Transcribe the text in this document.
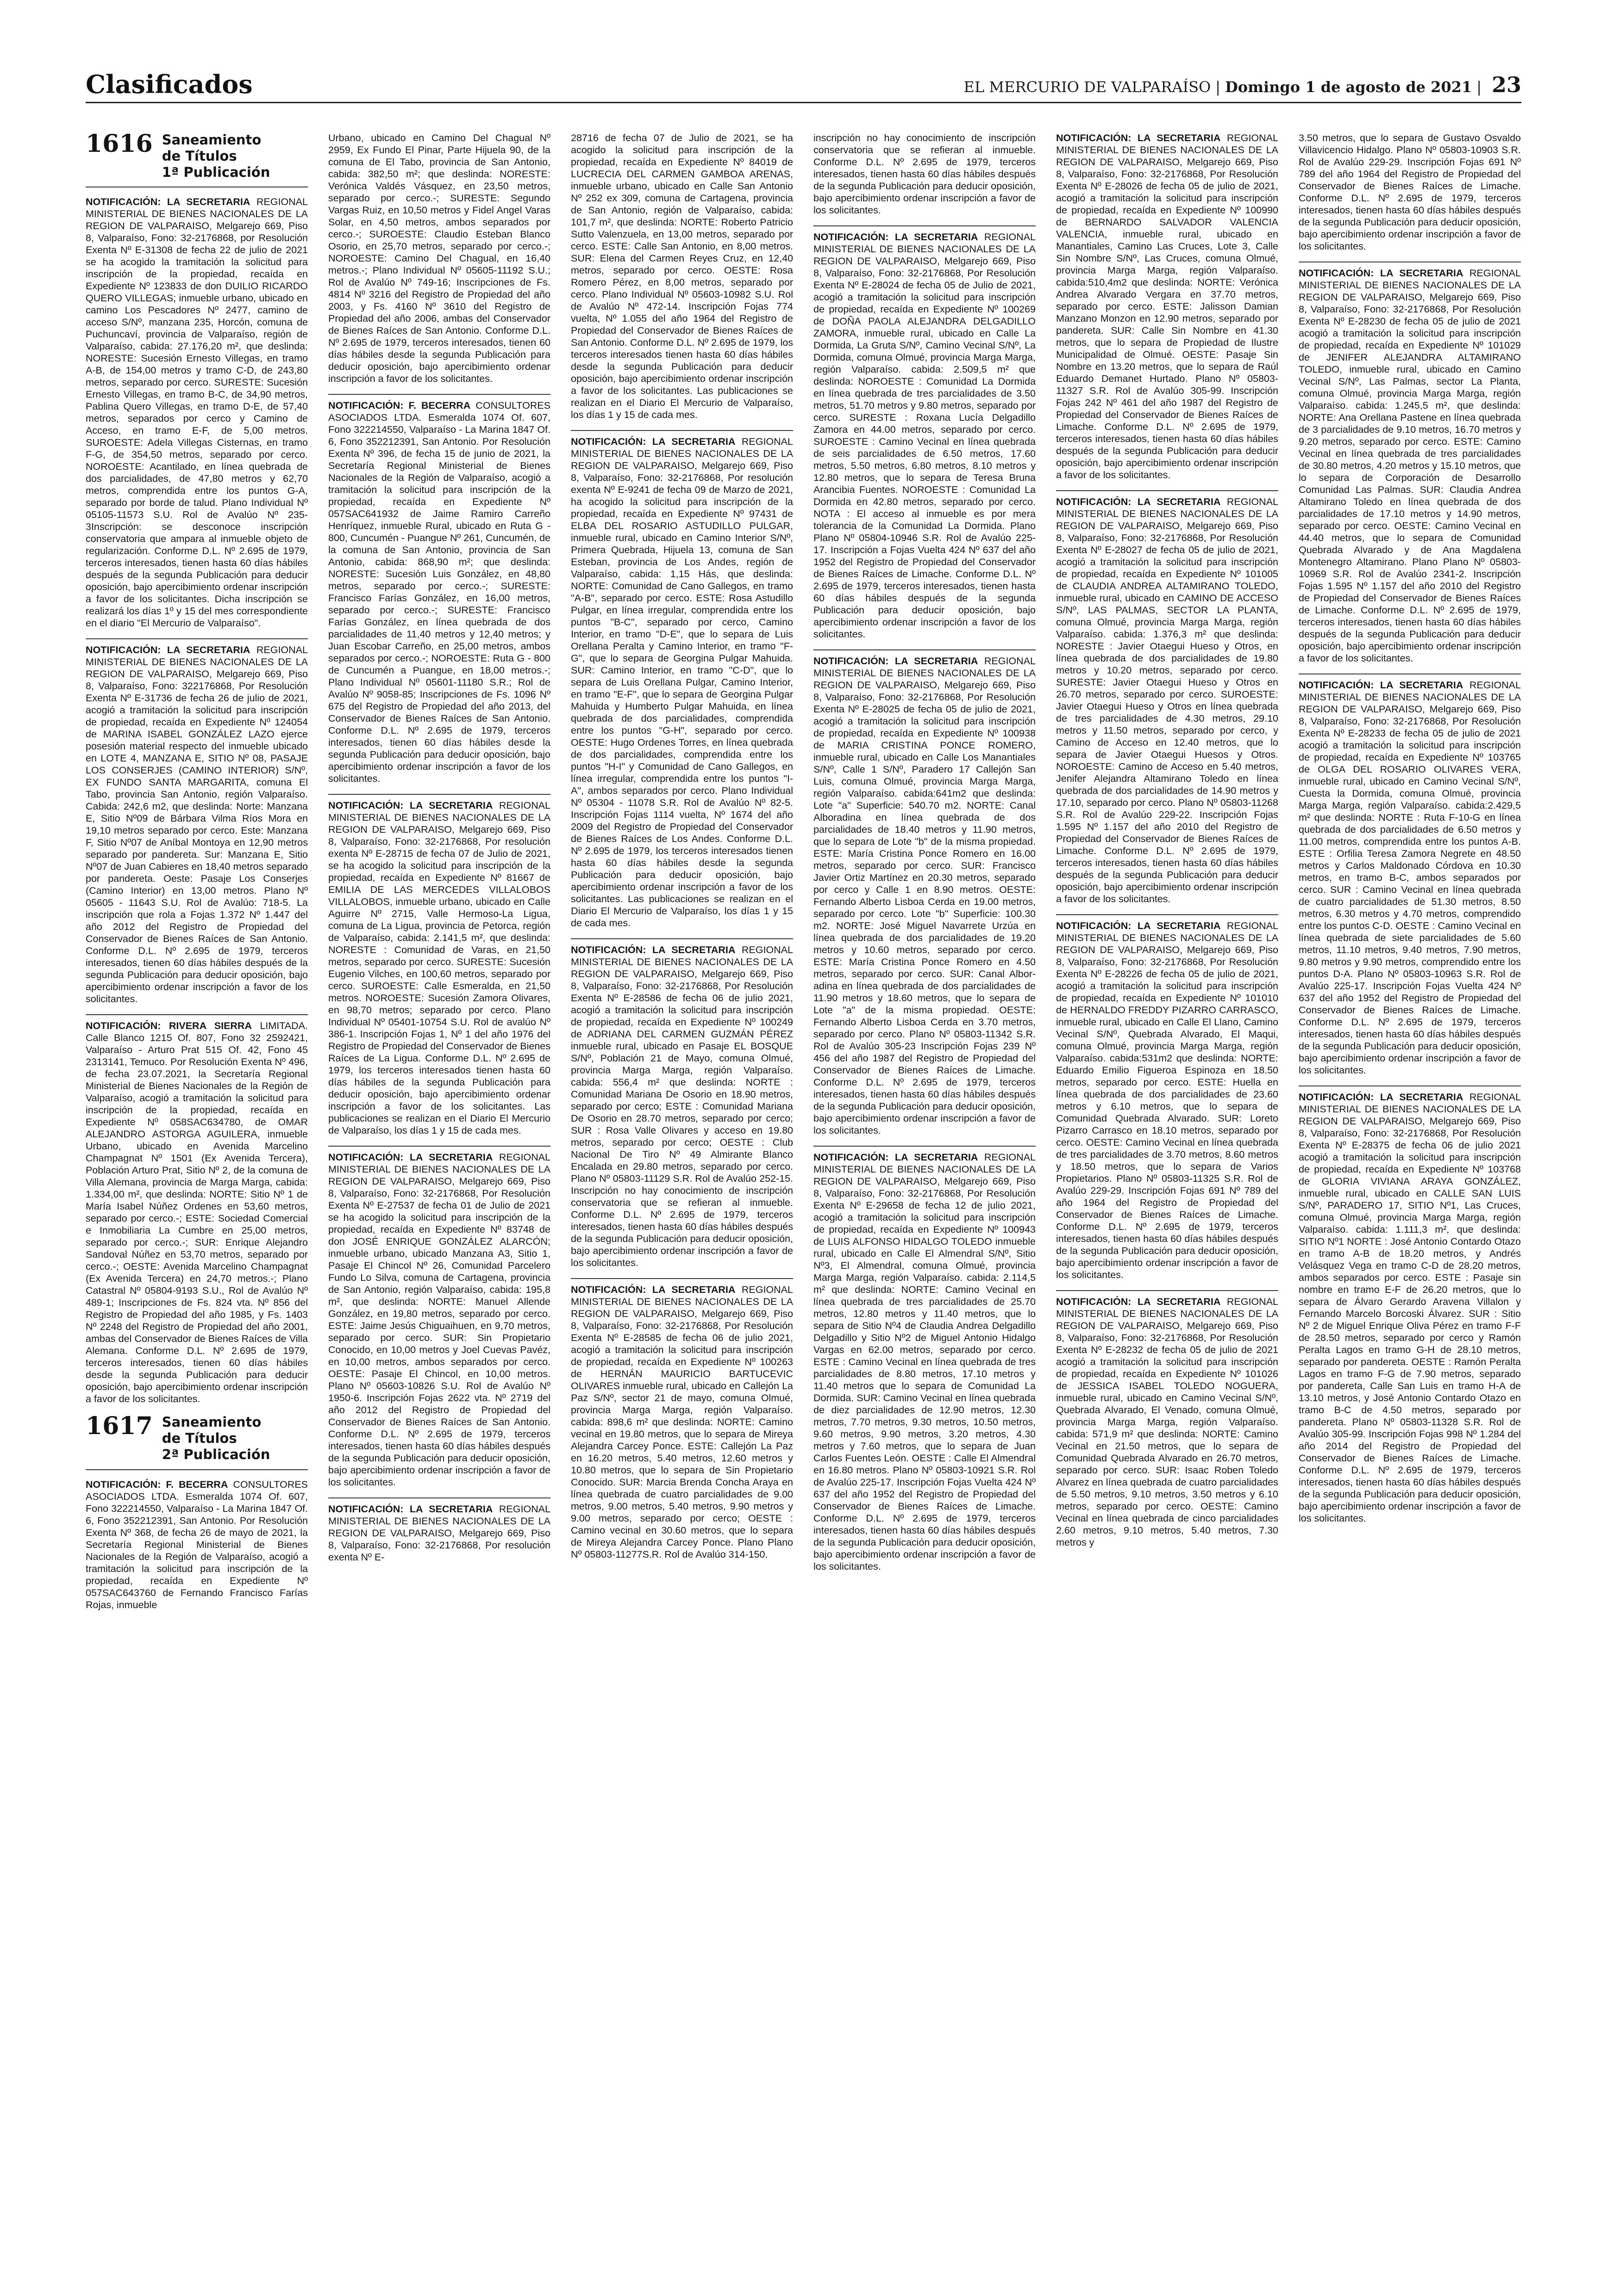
Clasificados	EL MERCURIO DE VALPARAÍSO | Domingo 1 de agosto de 2021 | 23
1616 Saneamiento
de Títulos
1ª Publicación
NOTIFICACIÓN: LA SECRETARIA REGIONAL MINISTERIAL DE BIENES NACIONALES DE LA REGION DE VALPARAISO, Melgarejo 669, Piso 8, Valparaíso, Fono: 32-2176868, por Resolución Exenta Nº E-31308 de fecha 22 de julio de 2021 se ha acogido la tramitación la solicitud para inscripción de la propiedad, recaída en Expediente Nº 123833 de don DUILIO RICARDO QUERO VILLEGAS; inmueble urbano, ubicado en camino Los Pescadores Nº 2477, camino de acceso S/Nº, manzana 235, Horcón, comuna de Puchuncaví, provincia de Valparaíso, región de Valparaíso, cabida: 27.176,20 m², que deslinda: NORESTE: Sucesión Ernesto Villegas, en tramo A-B, de 154,00 metros y tramo C-D, de 243,80 metros, separado por cerco. SURESTE: Sucesión Ernesto Villegas, en tramo B-C, de 34,90 metros, Pablina Quero Villegas, en tramo D-E, de 57,40 metros, separados por cerco y Camino de Acceso, en tramo E-F, de 5,00 metros. SUROESTE: Adela Villegas Cisternas, en tramo F-G, de 354,50 metros, separado por cerco. NOROESTE: Acantilado, en línea quebrada de dos parcialidades, de 47,80 metros y 62,70 metros, comprendida entre los puntos G-A, separado por borde de talud. Plano Individual Nº 05105-11573 S.U. Rol de Avalúo Nº 235-3Inscripción: se desconoce inscripción conservatoria que ampara al inmueble objeto de regularización. Conforme D.L. Nº 2.695 de 1979, terceros interesados, tienen hasta 60 días hábiles después de la segunda Publicación para deducir oposición, bajo apercibimiento ordenar inscripción a favor de los solicitantes. Dicha inscripción se realizará los días 1º y 15 del mes correspondiente en el diario "El Mercurio de Valparaíso".
NOTIFICACIÓN: LA SECRETARIA REGIONAL MINISTERIAL DE BIENES NACIONALES DE LA REGION DE VALPARAISO, Melgarejo 669, Piso 8, Valparaíso, Fono: 322176868, Por Resolución Exenta Nº E-31736 de fecha 26 de julio de 2021, acogió a tramitación la solicitud para inscripción de propiedad, recaída en Expediente Nº 124054 de MARINA ISABEL GONZÁLEZ LAZO ejerce posesión material respecto del inmueble ubicado en LOTE 4, MANZANA E, SITIO Nº 08, PASAJE LOS CONSERJES (CAMINO INTERIOR) S/Nº, EX FUNDO SANTA MARGARITA, comuna El Tabo, provincia San Antonio, región Valparaíso. Cabida: 242,6 m2, que deslinda: Norte: Manzana E, Sitio Nº09 de Bárbara Vilma Ríos Mora en 19,10 metros separado por cerco. Este: Manzana F, Sitio Nº07 de Aníbal Montoya en 12,90 metros separado por pandereta. Sur: Manzana E, Sitio Nº07 de Juan Cabieres en 18,40 metros separado por pandereta. Oeste: Pasaje Los Conserjes (Camino Interior) en 13,00 metros. Plano Nº 05605 - 11643 S.U. Rol de Avalúo: 718-5. La inscripción que rola a Fojas 1.372 Nº 1.447 del año 2012 del Registro de Propiedad del Conservador de Bienes Raíces de San Antonio. Conforme D.L. Nº 2.695 de 1979, terceros interesados, tienen 60 días hábiles después de la segunda Publicación para deducir oposición, bajo apercibimiento ordenar inscripción a favor de los solicitantes.
NOTIFICACIÓN: RIVERA SIERRA LIMITADA. Calle Blanco 1215 Of. 807, Fono 32 2592421, Valparaíso - Arturo Prat 515 Of. 42, Fono 45 2313141, Temuco. Por Resolución Exenta Nº 496, de fecha 23.07.2021, la Secretaría Regional Ministerial de Bienes Nacionales de la Región de Valparaíso, acogió a tramitación la solicitud para inscripción de la propiedad, recaída en Expediente Nº 058SAC634780, de OMAR ALEJANDRO ASTORGA AGUILERA, inmueble Urbano, ubicado en Avenida Marcelino Champagnat Nº 1501 (Ex Avenida Tercera), Población Arturo Prat, Sitio Nº 2, de la comuna de Villa Alemana, provincia de Marga Marga, cabida: 1.334,00 m², que deslinda: NORTE: Sitio Nº 1 de María Isabel Núñez Ordenes en 53,60 metros, separado por cerco.-; ESTE: Sociedad Comercial e Inmobiliaria La Cumbre en 25,00 metros, separado por cerco.-; SUR: Enrique Alejandro Sandoval Núñez en 53,70 metros, separado por cerco.-; OESTE: Avenida Marcelino Champagnat (Ex Avenida Tercera) en 24,70 metros.-; Plano Catastral Nº 05804-9193 S.U., Rol de Avalúo Nº 489-1; Inscripciones de Fs. 824 vta. Nº 856 del Registro de Propiedad del año 1985, y Fs. 1403 Nº 2248 del Registro de Propiedad del año 2001, ambas del Conservador de Bienes Raíces de Villa Alemana. Conforme D.L. Nº 2.695 de 1979, terceros interesados, tienen 60 días hábiles desde la segunda Publicación para deducir oposición, bajo apercibimiento ordenar inscripción a favor de los solicitantes.
1617 Saneamiento
de Títulos
2ª Publicación
NOTIFICACIÓN: F. BECERRA CONSULTORES ASOCIADOS LTDA. Esmeralda 1074 Of. 607, Fono 322214550, Valparaíso - La Marina 1847 Of. 6, Fono 352212391, San Antonio. Por Resolución Exenta Nº 368, de fecha 26 de mayo de 2021, la Secretaría Regional Ministerial de Bienes Nacionales de la Región de Valparaíso, acogió a tramitación la solicitud para inscripción de la propiedad, recaída en Expediente Nº 057SAC643760 de Fernando Francisco Farías Rojas, inmueble
Urbano, ubicado en Camino Del Chagual Nº 2959, Ex Fundo El Pinar, Parte Hijuela 90, de la comuna de El Tabo, provincia de San Antonio, cabida: 382,50 m²; que deslinda: NORESTE: Verónica Valdés Vásquez, en 23,50 metros, separado por cerco.-; SURESTE: Segundo Vargas Ruiz, en 10,50 metros y Fidel Angel Varas Solar, en 4,50 metros, ambos separados por cerco.-; SUROESTE: Claudio Esteban Blanco Osorio, en 25,70 metros, separado por cerco.-; NOROESTE: Camino Del Chagual, en 16,40 metros.-; Plano Individual Nº 05605-11192 S.U.; Rol de Avalúo Nº 749-16; Inscripciones de Fs. 4814 Nº 3216 del Registro de Propiedad del año 2003, y Fs. 4160 Nº 3610 del Registro de Propiedad del año 2006, ambas del Conservador de Bienes Raíces de San Antonio. Conforme D.L. Nº 2.695 de 1979, terceros interesados, tienen 60 días hábiles desde la segunda Publicación para deducir oposición, bajo apercibimiento ordenar inscripción a favor de los solicitantes.
NOTIFICACIÓN: F. BECERRA CONSULTORES ASOCIADOS LTDA. Esmeralda 1074 Of. 607, Fono 322214550, Valparaíso - La Marina 1847 Of. 6, Fono 352212391, San Antonio. Por Resolución Exenta Nº 396, de fecha 15 de junio de 2021, la Secretaría Regional Ministerial de Bienes Nacionales de la Región de Valparaíso, acogió a tramitación la solicitud para inscripción de la propiedad, recaída en Expediente Nº 057SAC641932 de Jaime Ramiro Carreño Henríquez, inmueble Rural, ubicado en Ruta G - 800, Cuncumén - Puangue Nº 261, Cuncumén, de la comuna de San Antonio, provincia de San Antonio, cabida: 868,90 m²; que deslinda: NORESTE: Sucesión Luis González, en 48,80 metros, separado por cerco.-; SURESTE: Francisco Farías González, en 16,00 metros, separado por cerco.-; SURESTE: Francisco Farías González, en línea quebrada de dos parcialidades de 11,40 metros y 12,40 metros; y Juan Escobar Carreño, en 25,00 metros, ambos separados por cerco.-; NOROESTE: Ruta G - 800 de Cuncumén a Puangue, en 18,00 metros.-; Plano Individual Nº 05601-11180 S.R.; Rol de Avalúo Nº 9058-85; Inscripciones de Fs. 1096 Nº 675 del Registro de Propiedad del año 2013, del Conservador de Bienes Raíces de San Antonio. Conforme D.L. Nº 2.695 de 1979, terceros interesados, tienen 60 días hábiles desde la segunda Publicación para deducir oposición, bajo apercibimiento ordenar inscripción a favor de los solicitantes.
NOTIFICACIÓN: LA SECRETARIA REGIONAL MINISTERIAL DE BIENES NACIONALES DE LA REGION DE VALPARAISO, Melgarejo 669, Piso 8, Valparaíso, Fono: 32-2176868, Por resolución exenta Nº E-28715 de fecha 07 de Julio de 2021, se ha acogido la solicitud para inscripción de la propiedad, recaída en Expediente Nº 81667 de EMILIA DE LAS MERCEDES VILLALOBOS VILLALOBOS, inmueble urbano, ubicado en Calle Aguirre Nº 2715, Valle Hermoso-La Ligua, comuna de La Ligua, provincia de Petorca, región de Valparaíso, cabida: 2.141,5 m², que deslinda: NORESTE : Comunidad de Varas, en 21,50 metros, separado por cerco. SURESTE: Sucesión Eugenio Vilches, en 100,60 metros, separado por cerco. SUROESTE: Calle Esmeralda, en 21,50 metros. NOROESTE: Sucesión Zamora Olivares, en 98,70 metros; separado por cerco. Plano Individual Nº 05401-10754 S.U. Rol de avalúo Nº 386-1. Inscripción Fojas 1, Nº 1 del año 1976 del Registro de Propiedad del Conservador de Bienes Raíces de La Ligua. Conforme D.L. Nº 2.695 de 1979, los terceros interesados tienen hasta 60 días hábiles de la segunda Publicación para deducir oposición, bajo apercibimiento ordenar inscripción a favor de los solicitantes. Las publicaciones se realizan en el Diario El Mercurio de Valparaíso, los días 1 y 15 de cada mes.
NOTIFICACIÓN: LA SECRETARIA REGIONAL MINISTERIAL DE BIENES NACIONALES DE LA REGION DE VALPARAISO, Melgarejo 669, Piso 8, Valparaíso, Fono: 32-2176868, Por Resolución Exenta Nº E-27537 de fecha 01 de Julio de 2021 se ha acogido la solicitud para inscripción de la propiedad, recaída en Expediente Nº 83748 de don JOSÉ ENRIQUE GONZÁLEZ ALARCÓN; inmueble urbano, ubicado Manzana A3, Sitio 1, Pasaje El Chincol Nº 26, Comunidad Parcelero Fundo Lo Silva, comuna de Cartagena, provincia de San Antonio, región Valparaíso, cabida: 195,8 m², que deslinda: NORTE: Manuel Allende González, en 19,80 metros, separado por cerco. ESTE: Jaime Jesús Chiguaihuen, en 9,70 metros, separado por cerco. SUR: Sin Propietario Conocido, en 10,00 metros y Joel Cuevas Pavéz, en 10,00 metros, ambos separados por cerco. OESTE: Pasaje El Chincol, en 10,00 metros. Plano Nº 05603-10826 S.U. Rol de Avalúo Nº 1950-6. Inscripción Fojas 2622 vta. Nº 2719 del año 2012 del Registro de Propiedad del Conservador de Bienes Raíces de San Antonio. Conforme D.L. Nº 2.695 de 1979, terceros interesados, tienen hasta 60 días hábiles después de la segunda Publicación para deducir oposición, bajo apercibimiento ordenar inscripción a favor de los solicitantes.
NOTIFICACIÓN: LA SECRETARIA REGIONAL MINISTERIAL DE BIENES NACIONALES DE LA REGION DE VALPARAISO, Melgarejo 669, Piso 8, Valparaíso, Fono: 32-2176868, Por resolución exenta Nº E-
28716 de fecha 07 de Julio de 2021, se ha acogido la solicitud para inscripción de la propiedad, recaída en Expediente Nº 84019 de LUCRECIA DEL CARMEN GAMBOA ARENAS, inmueble urbano, ubicado en Calle San Antonio Nº 252 ex 309, comuna de Cartagena, provincia de San Antonio, región de Valparaíso, cabida: 101,7 m², que deslinda: NORTE: Roberto Patricio Sutto Valenzuela, en 13,00 metros, separado por cerco. ESTE: Calle San Antonio, en 8,00 metros. SUR: Elena del Carmen Reyes Cruz, en 12,40 metros, separado por cerco. OESTE: Rosa Romero Pérez, en 8,00 metros, separado por cerco. Plano Individual Nº 05603-10982 S.U. Rol de Avalúo Nº 472-14. Inscripción Fojas 774 vuelta, Nº 1.055 del año 1964 del Registro de Propiedad del Conservador de Bienes Raíces de San Antonio. Conforme D.L. Nº 2.695 de 1979, los terceros interesados tienen hasta 60 días hábiles desde la segunda Publicación para deducir oposición, bajo apercibimiento ordenar inscripción a favor de los solicitantes. Las publicaciones se realizan en el Diario El Mercurio de Valparaíso, los días 1 y 15 de cada mes.
NOTIFICACIÓN: LA SECRETARIA REGIONAL MINISTERIAL DE BIENES NACIONALES DE LA REGION DE VALPARAISO, Melgarejo 669, Piso 8, Valparaíso, Fono: 32-2176868, Por resolución exenta Nº E-9241 de fecha 09 de Marzo de 2021, ha acogido la solicitud para inscripción de la propiedad, recaída en Expediente Nº 97431 de ELBA DEL ROSARIO ASTUDILLO PULGAR, inmueble rural, ubicado en Camino Interior S/Nº, Primera Quebrada, Hijuela 13, comuna de San Esteban, provincia de Los Andes, región de Valparaíso, cabida: 1,15 Hás, que deslinda: NORTE: Comunidad de Cano Gallegos, en tramo "A-B", separado por cerco. ESTE: Rosa Astudillo Pulgar, en línea irregular, comprendida entre los puntos "B-C", separado por cerco, Camino Interior, en tramo "D-E", que lo separa de Luis Orellana Peralta y Camino Interior, en tramo "F-G", que lo separa de Georgina Pulgar Mahuida. SUR: Camino Interior, en tramo "C-D", que lo separa de Luis Orellana Pulgar, Camino Interior, en tramo "E-F", que lo separa de Georgina Pulgar Mahuida y Humberto Pulgar Mahuida, en línea quebrada de dos parcialidades, comprendida entre los puntos "G-H", separado por cerco. OESTE: Hugo Ordenes Torres, en línea quebrada de dos parcialidades, comprendida entre los puntos "H-I" y Comunidad de Cano Gallegos, en línea irregular, comprendida entre los puntos "I-A", ambos separados por cerco. Plano Individual Nº 05304 - 11078 S.R. Rol de Avalúo Nº 82-5. Inscripción Fojas 1114 vuelta, Nº 1674 del año 2009 del Registro de Propiedad del Conservador de Bienes Raíces de Los Andes. Conforme D.L. Nº 2.695 de 1979, los terceros interesados tienen hasta 60 días hábiles desde la segunda Publicación para deducir oposición, bajo apercibimiento ordenar inscripción a favor de los solicitantes. Las publicaciones se realizan en el Diario El Mercurio de Valparaíso, los días 1 y 15 de cada mes.
NOTIFICACIÓN: LA SECRETARIA REGIONAL MINISTERIAL DE BIENES NACIONALES DE LA REGION DE VALPARAISO, Melgarejo 669, Piso 8, Valparaíso, Fono: 32-2176868, Por Resolución Exenta Nº E-28586 de fecha 06 de julio 2021, acogió a tramitación la solicitud para inscripción de propiedad, recaída en Expediente Nº 100249 de ADRIANA DEL CARMEN GUZMÁN PÉREZ inmueble rural, ubicado en Pasaje EL BOSQUE S/Nº, Población 21 de Mayo, comuna Olmué, provincia Marga Marga, región Valparaíso. cabida: 556,4 m² que deslinda: NORTE : Comunidad Mariana De Osorio en 18.90 metros, separado por cerco; ESTE : Comunidad Mariana De Osorio en 28.70 metros, separado por cerco; SUR : Rosa Valle Olivares y acceso en 19.80 metros, separado por cerco; OESTE : Club Nacional De Tiro Nº 49 Almirante Blanco Encalada en 29.80 metros, separado por cerco. Plano Nº 05803-11129 S.R. Rol de Avalúo 252-15. Inscripción no hay conocimiento de inscripción conservatoria que se refieran al inmueble. Conforme D.L. Nº 2.695 de 1979, terceros interesados, tienen hasta 60 días hábiles después de la segunda Publicación para deducir oposición, bajo apercibimiento ordenar inscripción a favor de los solicitantes.
NOTIFICACIÓN: LA SECRETARIA REGIONAL MINISTERIAL DE BIENES NACIONALES DE LA REGION DE VALPARAISO, Melgarejo 669, Piso 8, Valparaíso, Fono: 32-2176868, Por Resolución Exenta Nº E-28585 de fecha 06 de julio 2021, acogió a tramitación la solicitud para inscripción de propiedad, recaída en Expediente Nº 100263 de HERNÁN MAURICIO BARTUCEVIC OLIVARES inmueble rural, ubicado en Callejón La Paz S/Nº, sector 21 de mayo, comuna Olmué, provincia Marga Marga, región Valparaíso. cabida: 898,6 m² que deslinda: NORTE: Camino vecinal en 19.80 metros, que lo separa de Mireya Alejandra Carcey Ponce. ESTE: Callejón La Paz en 16.20 metros, 5.40 metros, 12.60 metros y 10.80 metros, que lo separa de Sin Propietario Conocido. SUR: Marcia Brenda Concha Araya en línea quebrada de cuatro parcialidades de 9.00 metros, 9.00 metros, 5.40 metros, 9.90 metros y 9.00 metros, separado por cerco; OESTE : Camino vecinal en 30.60 metros, que lo separa de Mireya Alejandra Carcey Ponce. Plano Plano Nº 05803-11277S.R. Rol de Avalúo 314-150.
inscripción no hay conocimiento de inscripción conservatoria que se refieran al inmueble. Conforme D.L. Nº 2.695 de 1979, terceros interesados, tienen hasta 60 días hábiles después de la segunda Publicación para deducir oposición, bajo apercibimiento ordenar inscripción a favor de los solicitantes.
NOTIFICACIÓN: LA SECRETARIA REGIONAL MINISTERIAL DE BIENES NACIONALES DE LA REGION DE VALPARAISO, Melgarejo 669, Piso 8, Valparaíso, Fono: 32-2176868, Por Resolución Exenta Nº E-28024 de fecha 05 de Julio de 2021, acogió a tramitación la solicitud para inscripción de propiedad, recaída en Expediente Nº 100269 de DOÑA PAOLA ALEJANDRA DELGADILLO ZAMORA, inmueble rural, ubicado en Calle La Dormida, La Gruta S/Nº, Camino Vecinal S/Nº, La Dormida, comuna Olmué, provincia Marga Marga, región Valparaíso. cabida: 2.509,5 m² que deslinda: NOROESTE : Comunidad La Dormida en línea quebrada de tres parcialidades de 3.50 metros, 51.70 metros y 9.80 metros, separado por cerco. SURESTE : Roxana Lucía Delgadillo Zamora en 44.00 metros, separado por cerco. SUROESTE : Camino Vecinal en línea quebrada de seis parcialidades de 6.50 metros, 17.60 metros, 5.50 metros, 6.80 metros, 8.10 metros y 12.80 metros, que lo separa de Teresa Bruna Arancibia Fuentes. NOROESTE : Comunidad La Dormida en 42.80 metros, separado por cerco. NOTA : El acceso al inmueble es por mera tolerancia de la Comunidad La Dormida. Plano Plano Nº 05804-10946 S.R. Rol de Avalúo 225-17. Inscripción a Fojas Vuelta 424 Nº 637 del año 1952 del Registro de Propiedad del Conservador de Bienes Raíces de Limache. Conforme D.L. Nº 2.695 de 1979, terceros interesados, tienen hasta 60 días hábiles después de la segunda Publicación para deducir oposición, bajo apercibimiento ordenar inscripción a favor de los solicitantes.
NOTIFICACIÓN: LA SECRETARIA REGIONAL MINISTERIAL DE BIENES NACIONALES DE LA REGION DE VALPARAISO, Melgarejo 669, Piso 8, Valparaíso, Fono: 32-2176868, Por Resolución Exenta Nº E-28025 de fecha 05 de julio de 2021, acogió a tramitación la solicitud para inscripción de propiedad, recaída en Expediente Nº 100938 de MARIA CRISTINA PONCE ROMERO, inmueble rural, ubicado en Calle Los Manantiales S/Nº, Calle 1 S/Nº, Paradero 17 Callejón San Luis, comuna Olmué, provincia Marga Marga, región Valparaíso. cabida:641m2 que deslinda: Lote "a" Superficie: 540.70 m2. NORTE: Canal Alboradina en línea quebrada de dos parcialidades de 18.40 metros y 11.90 metros, que lo separa de Lote "b" de la misma propiedad. ESTE: María Cristina Ponce Romero en 16.00 metros, separado por cerco. SUR: Francisco Javier Ortiz Martínez en 20.30 metros, separado por cerco y Calle 1 en 8.90 metros. OESTE: Fernando Alberto Lisboa Cerda en 19.00 metros, separado por cerco. Lote "b" Superficie: 100.30 m2. NORTE: José Miguel Navarrete Urzúa en línea quebrada de dos parcialidades de 19.20 metros y 10.60 metros, separado por cerco. ESTE: María Cristina Ponce Romero en 4.50 metros, separado por cerco. SUR: Canal Alboradina en línea quebrada de dos parcialidades de 11.90 metros y 18.60 metros, que lo separa de Lote "a" de la misma propiedad. OESTE: Fernando Alberto Lisboa Cerda en 3.70 metros, separado por cerco. Plano Nº 05803-11342 S.R. Rol de Avalúo 305-23 Inscripción Fojas 239 Nº 456 del año 1987 del Registro de Propiedad del Conservador de Bienes Raíces de Limache. Conforme D.L. Nº 2.695 de 1979, terceros interesados, tienen hasta 60 días hábiles después de la segunda Publicación para deducir oposición, bajo apercibimiento ordenar inscripción a favor de los solicitantes.
NOTIFICACIÓN: LA SECRETARIA REGIONAL MINISTERIAL DE BIENES NACIONALES DE LA REGION DE VALPARAISO, Melgarejo 669, Piso 8, Valparaíso, Fono: 32-2176868, Por Resolución Exenta Nº E-29658 de fecha 12 de julio 2021, acogió a tramitación la solicitud para inscripción de propiedad, recaída en Expediente Nº 100943 de LUIS ALFONSO HIDALGO TOLEDO inmueble rural, ubicado en Calle El Almendral S/Nº, Sitio Nº3, El Almendral, comuna Olmué, provincia Marga Marga, región Valparaíso. cabida: 2.114,5 m² que deslinda: NORTE: Camino Vecinal en línea quebrada de tres parcialidades de 25.70 metros, 12.80 metros y 11.40 metros, que lo separa de Sitio Nº4 de Claudia Andrea Delgadillo Delgadillo y Sitio Nº2 de Miguel Antonio Hidalgo Vargas en 62.00 metros, separado por cerco. ESTE : Camino Vecinal en línea quebrada de tres parcialidades de 8.80 metros, 17.10 metros y 11.40 metros que lo separa de Comunidad La Dormida. SUR: Camino Vecinal en línea quebrada de diez parcialidades de 12.90 metros, 12.30 metros, 7.70 metros, 9.30 metros, 10.50 metros, 9.60 metros, 9.90 metros, 3.20 metros, 4.30 metros y 7.60 metros, que lo separa de Juan Carlos Fuentes León. OESTE : Calle El Almendral en 16.80 metros. Plano Nº 05803-10921 S.R. Rol de Avalúo 225-17. Inscripción Fojas Vuelta 424 Nº 637 del año 1952 del Registro de Propiedad del Conservador de Bienes Raíces de Limache. Conforme D.L. Nº 2.695 de 1979, terceros interesados, tienen hasta 60 días hábiles después de la segunda Publicación para deducir oposición, bajo apercibimiento ordenar inscripción a favor de los solicitantes.
NOTIFICACIÓN: LA SECRETARIA REGIONAL MINISTERIAL DE BIENES NACIONALES DE LA REGION DE VALPARAISO, Melgarejo 669, Piso 8, Valparaíso, Fono: 32-2176868, Por Resolución Exenta Nº E-28026 de fecha 05 de julio de 2021, acogió a tramitación la solicitud para inscripción de propiedad, recaída en Expediente Nº 100990 de BERNARDO SALVADOR VALENCIA VALENCIA, inmueble rural, ubicado en Manantiales, Camino Las Cruces, Lote 3, Calle Sin Nombre S/Nº, Las Cruces, comuna Olmué, provincia Marga Marga, región Valparaíso. cabida:510,4m2 que deslinda: NORTE: Verónica Andrea Alvarado Vergara en 37.70 metros, separado por cerco. ESTE: Jalisson Damian Manzano Monzon en 12.90 metros, separado por pandereta. SUR: Calle Sin Nombre en 41.30 metros, que lo separa de Propiedad de Ilustre Municipalidad de Olmué. OESTE: Pasaje Sin Nombre en 13.20 metros, que lo separa de Raúl Eduardo Demanet Hurtado. Plano Nº 05803-11327 S.R. Rol de Avalúo 305-99. Inscripción Fojas 242 Nº 461 del año 1987 del Registro de Propiedad del Conservador de Bienes Raíces de Limache. Conforme D.L. Nº 2.695 de 1979, terceros interesados, tienen hasta 60 días hábiles después de la segunda Publicación para deducir oposición, bajo apercibimiento ordenar inscripción a favor de los solicitantes.
NOTIFICACIÓN: LA SECRETARIA REGIONAL MINISTERIAL DE BIENES NACIONALES DE LA REGION DE VALPARAISO, Melgarejo 669, Piso 8, Valparaíso, Fono: 32-2176868, Por Resolución Exenta Nº E-28027 de fecha 05 de julio de 2021, acogió a tramitación la solicitud para inscripción de propiedad, recaída en Expediente Nº 101005 de CLAUDIA ANDREA ALTAMIRANO TOLEDO, inmueble rural, ubicado en CAMINO DE ACCESO S/Nº, LAS PALMAS, SECTOR LA PLANTA, comuna Olmué, provincia Marga Marga, región Valparaíso. cabida: 1.376,3 m² que deslinda: NORESTE : Javier Otaegui Hueso y Otros, en línea quebrada de dos parcialidades de 19.80 metros y 10.20 metros, separado por cerco. SURESTE: Javier Otaegui Hueso y Otros en 26.70 metros, separado por cerco. SUROESTE: Javier Otaegui Hueso y Otros en línea quebrada de tres parcialidades de 4.30 metros, 29.10 metros y 11.50 metros, separado por cerco, y Camino de Acceso en 12.40 metros, que lo separa de Javier Otaegui Huesos y Otros. NOROESTE: Camino de Acceso en 5.40 metros, Jenifer Alejandra Altamirano Toledo en línea quebrada de dos parcialidades de 14.90 metros y 17.10, separado por cerco. Plano Nº 05803-11268 S.R. Rol de Avalúo 229-22. Inscripción Fojas 1.595 Nº 1.157 del año 2010 del Registro de Propiedad del Conservador de Bienes Raíces de Limache. Conforme D.L. Nº 2.695 de 1979, terceros interesados, tienen hasta 60 días hábiles después de la segunda Publicación para deducir oposición, bajo apercibimiento ordenar inscripción a favor de los solicitantes.
NOTIFICACIÓN: LA SECRETARIA REGIONAL MINISTERIAL DE BIENES NACIONALES DE LA REGION DE VALPARAISO, Melgarejo 669, Piso 8, Valparaíso, Fono: 32-2176868, Por Resolución Exenta Nº E-28226 de fecha 05 de julio de 2021, acogió a tramitación la solicitud para inscripción de propiedad, recaída en Expediente Nº 101010 de HERNALDO FREDDY PIZARRO CARRASCO, inmueble rural, ubicado en Calle El Llano, Camino Vecinal S/Nº, Quebrada Alvarado, El Maqui, comuna Olmué, provincia Marga Marga, región Valparaíso. cabida:531m2 que deslinda: NORTE: Eduardo Emilio Figueroa Espinoza en 18.50 metros, separado por cerco. ESTE: Huella en línea quebrada de dos parcialidades de 23.60 metros y 6.10 metros, que lo separa de Comunidad Quebrada Alvarado. SUR: Loreto Pizarro Carrasco en 18.10 metros, separado por cerco. OESTE: Camino Vecinal en línea quebrada de tres parcialidades de 3.70 metros, 8.60 metros y 18.50 metros, que lo separa de Varios Propietarios. Plano Nº 05803-11325 S.R. Rol de Avalúo 229-29. Inscripción Fojas 691 Nº 789 del año 1964 del Registro de Propiedad del Conservador de Bienes Raíces de Limache. Conforme D.L. Nº 2.695 de 1979, terceros interesados, tienen hasta 60 días hábiles después de la segunda Publicación para deducir oposición, bajo apercibimiento ordenar inscripción a favor de los solicitantes.
NOTIFICACIÓN: LA SECRETARIA REGIONAL MINISTERIAL DE BIENES NACIONALES DE LA REGION DE VALPARAISO, Melgarejo 669, Piso 8, Valparaíso, Fono: 32-2176868, Por Resolución Exenta Nº E-28232 de fecha 05 de julio de 2021 acogió a tramitación la solicitud para inscripción de propiedad, recaída en Expediente Nº 101026 de JESSICA ISABEL TOLEDO NOGUERA, inmueble rural, ubicado en Camino Vecinal S/Nº, Quebrada Alvarado, El Venado, comuna Olmué, provincia Marga Marga, región Valparaíso. cabida: 571,9 m² que deslinda: NORTE: Camino Vecinal en 21.50 metros, que lo separa de Comunidad Quebrada Alvarado en 26.70 metros, separado por cerco. SUR: Isaac Roben Toledo Alvarez en línea quebrada de cuatro parcialidades de 5.50 metros, 9.10 metros, 3.50 metros y 6.10 metros, separado por cerco. OESTE: Camino Vecinal en línea quebrada de cinco parcialidades 2.60 metros, 9.10 metros, 5.40 metros, 7.30 metros y
3.50 metros, que lo separa de Gustavo Osvaldo Villavicencio Hidalgo. Plano Nº 05803-10903 S.R. Rol de Avalúo 229-29. Inscripción Fojas 691 Nº 789 del año 1964 del Registro de Propiedad del Conservador de Bienes Raíces de Limache. Conforme D.L. Nº 2.695 de 1979, terceros interesados, tienen hasta 60 días hábiles después de la segunda Publicación para deducir oposición, bajo apercibimiento ordenar inscripción a favor de los solicitantes.
NOTIFICACIÓN: LA SECRETARIA REGIONAL MINISTERIAL DE BIENES NACIONALES DE LA REGION DE VALPARAISO, Melgarejo 669, Piso 8, Valparaíso, Fono: 32-2176868, Por Resolución Exenta Nº E-28230 de fecha 05 de julio de 2021 acogió a tramitación la solicitud para inscripción de propiedad, recaída en Expediente Nº 101029 de JENIFER ALEJANDRA ALTAMIRANO TOLEDO, inmueble rural, ubicado en Camino Vecinal S/Nº, Las Palmas, sector La Planta, comuna Olmué, provincia Marga Marga, región Valparaíso. cabida: 1.245,5 m², que deslinda: NORTE: Ana Orellana Pastene en línea quebrada de 3 parcialidades de 9.10 metros, 16.70 metros y 9.20 metros, separado por cerco. ESTE: Camino Vecinal en línea quebrada de tres parcialidades de 30.80 metros, 4.20 metros y 15.10 metros, que lo separa de Corporación de Desarrollo Comunidad Las Palmas. SUR: Claudia Andrea Altamirano Toledo en línea quebrada de dos parcialidades de 17.10 metros y 14.90 metros, separado por cerco. OESTE: Camino Vecinal en 44.40 metros, que lo separa de Comunidad Quebrada Alvarado y de Ana Magdalena Montenegro Altamirano. Plano Plano Nº 05803-10969 S.R. Rol de Avalúo 2341-2. Inscripción Fojas 1.595 Nº 1.157 del año 2010 del Registro de Propiedad del Conservador de Bienes Raíces de Limache. Conforme D.L. Nº 2.695 de 1979, terceros interesados, tienen hasta 60 días hábiles después de la segunda Publicación para deducir oposición, bajo apercibimiento ordenar inscripción a favor de los solicitantes.
NOTIFICACIÓN: LA SECRETARIA REGIONAL MINISTERIAL DE BIENES NACIONALES DE LA REGION DE VALPARAISO, Melgarejo 669, Piso 8, Valparaíso, Fono: 32-2176868, Por Resolución Exenta Nº E-28233 de fecha 05 de julio de 2021 acogió a tramitación la solicitud para inscripción de propiedad, recaída en Expediente Nº 103765 de OLGA DEL ROSARIO OLIVARES VERA, inmueble rural, ubicado en Camino Vecinal S/Nº, Cuesta la Dormida, comuna Olmué, provincia Marga Marga, región Valparaíso. cabida:2.429,5 m² que deslinda: NORTE : Ruta F-10-G en línea quebrada de dos parcialidades de 6.50 metros y 11.00 metros, comprendida entre los puntos A-B. ESTE : Orfilia Teresa Zamora Negrete en 48.50 metros y Carlos Maldonado Córdova en 10.30 metros, en tramo B-C, ambos separados por cerco. SUR : Camino Vecinal en línea quebrada de cuatro parcialidades de 51.30 metros, 8.50 metros, 6.30 metros y 4.70 metros, comprendido entre los puntos C-D. OESTE : Camino Vecinal en línea quebrada de siete parcialidades de 5.60 metros, 11.10 metros, 9.40 metros, 7.90 metros, 9.80 metros y 9.90 metros, comprendido entre los puntos D-A. Plano Nº 05803-10963 S.R. Rol de Avalúo 225-17. Inscripción Fojas Vuelta 424 Nº 637 del año 1952 del Registro de Propiedad del Conservador de Bienes Raíces de Limache. Conforme D.L. Nº 2.695 de 1979, terceros interesados, tienen hasta 60 días hábiles después de la segunda Publicación para deducir oposición, bajo apercibimiento ordenar inscripción a favor de los solicitantes.
NOTIFICACIÓN: LA SECRETARIA REGIONAL MINISTERIAL DE BIENES NACIONALES DE LA REGION DE VALPARAISO, Melgarejo 669, Piso 8, Valparaíso, Fono: 32-2176868, Por Resolución Exenta Nº E-28375 de fecha 06 de julio 2021 acogió a tramitación la solicitud para inscripción de propiedad, recaída en Expediente Nº 103768 de GLORIA VIVIANA ARAYA GONZÁLEZ, inmueble rural, ubicado en CALLE SAN LUIS S/Nº, PARADERO 17, SITIO Nº1, Las Cruces, comuna Olmué, provincia Marga Marga, región Valparaíso. cabida: 1.111,3 m², que deslinda: SITIO Nº1 NORTE : José Antonio Contardo Otazo en tramo A-B de 18.20 metros, y Andrés Velásquez Vega en tramo C-D de 28.20 metros, ambos separados por cerco. ESTE : Pasaje sin nombre en tramo E-F de 26.20 metros, que lo separa de Álvaro Gerardo Aravena Villalon y Fernando Marcelo Borcoski Álvarez. SUR : Sitio Nº 2 de Miguel Enrique Oliva Pérez en tramo F-F de 28.50 metros, separado por cerco y Ramón Peralta Lagos en tramo G-H de 28.10 metros, separado por pandereta. OESTE : Ramón Peralta Lagos en tramo F-G de 7.90 metros, separado por pandereta, Calle San Luis en tramo H-A de 13.10 metros, y José Antonio Contardo Otazo en tramo B-C de 4.50 metros, separado por pandereta. Plano Nº 05803-11328 S.R. Rol de Avalúo 305-99. Inscripción Fojas 998 Nº 1.284 del año 2014 del Registro de Propiedad del Conservador de Bienes Raíces de Limache. Conforme D.L. Nº 2.695 de 1979, terceros interesados, tienen hasta 60 días hábiles después de la segunda Publicación para deducir oposición, bajo apercibimiento ordenar inscripción a favor de los solicitantes.
